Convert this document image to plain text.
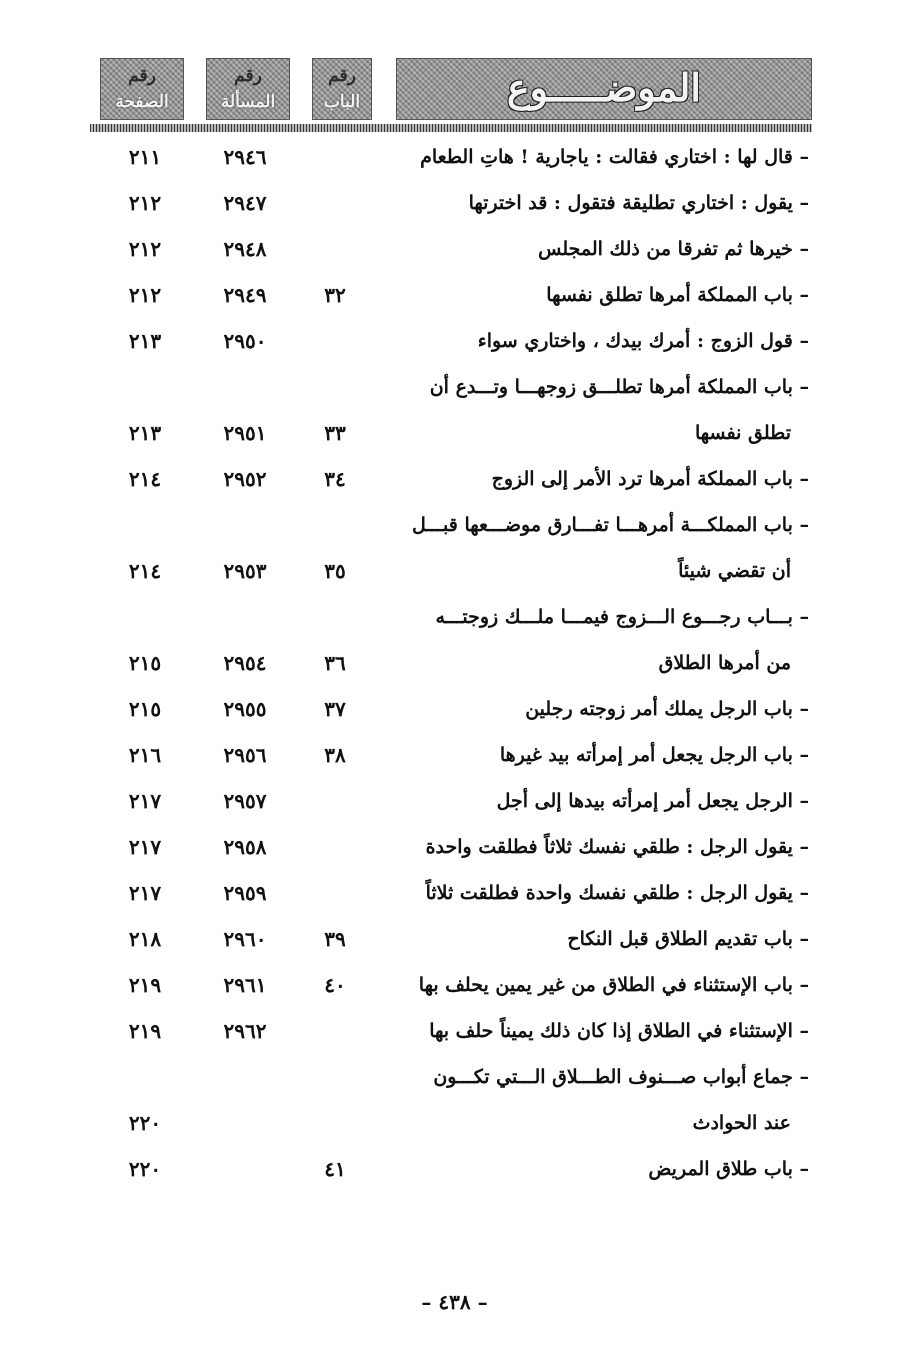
رقم
الصفحة
رقم
المسألة
رقم
الباب	الموضـــــوع
– قال لها : اختاري فقالت : ياجارية ! هاتِ الطعام
٢٩٤٦
٢١١
– يقول : اختاري تطليقة فتقول : قد اخترتها
٢٩٤٧
٢١٢
– خيرها ثم تفرقا من ذلك المجلس
٢٩٤٨
٢١٢
– باب المملكة أمرها تطلق نفسها
٣٢
٢٩٤٩
٢١٢
– قول الزوج : أمرك بيدك ، واختاري سواء
٢٩٥٠
٢١٣
– باب المملكة أمرها تطلـــق زوجهـــا وتـــدع أن
تطلق نفسها
٣٣
٢٩٥١
٢١٣
– باب المملكة أمرها ترد الأمر إلى الزوج
٣٤
٢٩٥٢
٢١٤
– باب المملكـــة أمرهـــا تفـــارق موضـــعها قبـــل
أن تقضي شيئاً
٣٥
٢٩٥٣
٢١٤
– بـــاب رجـــوع الـــزوج فيمـــا ملـــك زوجتـــه
من أمرها الطلاق
٣٦
٢٩٥٤
٢١٥
– باب الرجل يملك أمر زوجته رجلين
٣٧
٢٩٥٥
٢١٥
– باب الرجل يجعل أمر إمرأته بيد غيرها
٣٨
٢٩٥٦
٢١٦
– الرجل يجعل أمر إمرأته بيدها إلى أجل
٢٩٥٧
٢١٧
– يقول الرجل : طلقي نفسك ثلاثاً فطلقت واحدة
٢٩٥٨
٢١٧
– يقول الرجل : طلقي نفسك واحدة فطلقت ثلاثاً
٢٩٥٩
٢١٧
– باب تقديم الطلاق قبل النكاح
٣٩
٢٩٦٠
٢١٨
– باب الإستثناء في الطلاق من غير يمين يحلف بها
٤٠
٢٩٦١
٢١٩
– الإستثناء في الطلاق إذا كان ذلك يميناً حلف بها
٢٩٦٢
٢١٩
– جماع أبواب صـــنوف الطـــلاق الـــتي تكـــون
عند الحوادث
٢٢٠
– باب طلاق المريض
٤١
٢٢٠
– ٤٣٨ –
